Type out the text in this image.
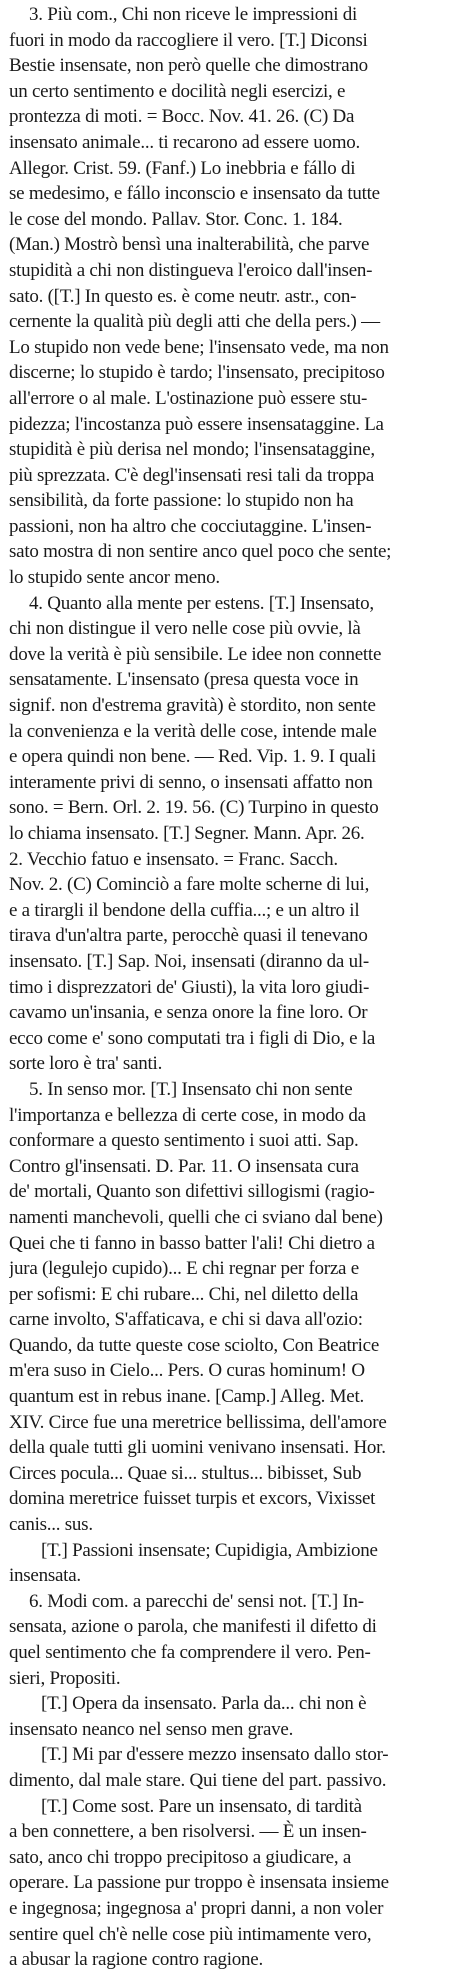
3. Più com., Chi non riceve le impressioni di
fuori in modo da raccogliere il vero. [T.] Diconsi
Bestie insensate, non però quelle che dimostrano
un certo sentimento e docilità negli esercizi, e
prontezza di moti. = Bocc. Nov. 41. 26. (C) Da
insensato animale... ti recarono ad essere uomo.
Allegor. Crist. 59. (Fanf.) Lo inebbria e fállo di
se medesimo, e fállo inconscio e insensato da tutte
le cose del mondo. Pallav. Stor. Conc. 1. 184.
(Man.) Mostrò bensì una inalterabilità, che parve
stupidità a chi non distingueva l'eroico dall'insen-
sato. ([T.] In questo es. è come neutr. astr., con-
cernente la qualità più degli atti che della pers.) —
Lo stupido non vede bene; l'insensato vede, ma non
discerne; lo stupido è tardo; l'insensato, precipitoso
all'errore o al male. L'ostinazione può essere stu-
pidezza; l'incostanza può essere insensataggine. La
stupidità è più derisa nel mondo; l'insensataggine,
più sprezzata. C'è degl'insensati resi tali da troppa
sensibilità, da forte passione: lo stupido non ha
passioni, non ha altro che cocciutaggine. L'insen-
sato mostra di non sentire anco quel poco che sente;
lo stupido sente ancor meno.
4. Quanto alla mente per estens. [T.] Insensato,
chi non distingue il vero nelle cose più ovvie, là
dove la verità è più sensibile. Le idee non connette
sensatamente. L'insensato (presa questa voce in
signif. non d'estrema gravità) è stordito, non sente
la convenienza e la verità delle cose, intende male
e opera quindi non bene. — Red. Vip. 1. 9. I quali
interamente privi di senno, o insensati affatto non
sono. = Bern. Orl. 2. 19. 56. (C) Turpino in questo
lo chiama insensato. [T.] Segner. Mann. Apr. 26.
2. Vecchio fatuo e insensato. = Franc. Sacch.
Nov. 2. (C) Cominciò a fare molte scherne di lui,
e a tirargli il bendone della cuffia...; e un altro il
tirava d'un'altra parte, perocchè quasi il tenevano
insensato. [T.] Sap. Noi, insensati (diranno da ul-
timo i disprezzatori de' Giusti), la vita loro giudi-
cavamo un'insania, e senza onore la fine loro. Or
ecco come e' sono computati tra i figli di Dio, e la
sorte loro è tra' santi.
5. In senso mor. [T.] Insensato chi non sente
l'importanza e bellezza di certe cose, in modo da
conformare a questo sentimento i suoi atti. Sap.
Contro gl'insensati. D. Par. 11. O insensata cura
de' mortali, Quanto son difettivi sillogismi (ragio-
namenti manchevoli, quelli che ci sviano dal bene)
Quei che ti fanno in basso batter l'ali! Chi dietro a
jura (legulejo cupido)... E chi regnar per forza e
per sofismi: E chi rubare... Chi, nel diletto della
carne involto, S'affaticava, e chi si dava all'ozio:
Quando, da tutte queste cose sciolto, Con Beatrice
m'era suso in Cielo... Pers. O curas hominum! O
quantum est in rebus inane. [Camp.] Alleg. Met.
XIV. Circe fue una meretrice bellissima, dell'amore
della quale tutti gli uomini venivano insensati. Hor.
Circes pocula... Quae si... stultus... bibisset, Sub
domina meretrice fuisset turpis et excors, Vixisset
canis... sus.
[T.] Passioni insensate; Cupidigia, Ambizione
insensata.
6. Modi com. a parecchi de' sensi not. [T.] In-
sensata, azione o parola, che manifesti il difetto di
quel sentimento che fa comprendere il vero. Pen-
sieri, Propositi.
[T.] Opera da insensato. Parla da... chi non è
insensato neanco nel senso men grave.
[T.] Mi par d'essere mezzo insensato dallo stor-
dimento, dal male stare. Qui tiene del part. passivo.
[T.] Come sost. Pare un insensato, di tardità
a ben connettere, a ben risolversi. — È un insen-
sato, anco chi troppo precipitoso a giudicare, a
operare. La passione pur troppo è insensata insieme
e ingegnosa; ingegnosa a' propri danni, a non voler
sentire quel ch'è nelle cose più intimamente vero,
a abusar la ragione contro ragione.
